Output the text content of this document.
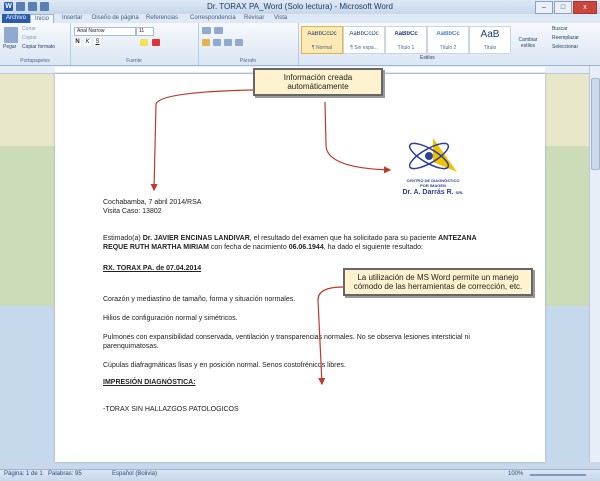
W	Dr. TORAX PA_Word (Solo lectura) - Microsoft Word	–	□	x
Archivo	Inicio	Insertar Diseño de página Referencias Correspondencia Revisar Vista
Pegar
Cortar
Copiar
Copiar formato
Portapapeles
Arial Narrow	11
N K S
Fuente	Párrafo
AaBbCcDc
¶ Normal
AaBbCcDc
¶ Sin espa...
AaBbCc
Título 1
AaBbCc
Título 2
AaB
Título
Cambiar estilos
Estilos
Buscar
Reemplazar
Seleccionar
CENTRO DE DIAGNÓSTICO
POR IMAGEN
Dr. A. Darrás R. SRL

Cochabamba, 7 abril 2014/RSA

Visita Caso: 13802

Estimado(a) Dr. JAVIER ENCINAS LANDIVAR, el resultado del examen que ha solicitado para su paciente ANTEZANA REQUE RUTH MARTHA MIRIAM con fecha de nacimiento 06.06.1944, ha dado el siguiente resultado:

RX. TORAX PA. de 07.04.2014

Corazón y mediastino de tamaño, forma y situación normales.

Hilios de configuración normal y simétricos.

Pulmones con expansibilidad conservada, ventilación y transparencias normales. No se observa lesiones intersticial ni parenquimatosas.

Cúpulas diafragmáticas lisas y en posición normal. Senos costofrénicos libres.

IMPRESIÓN DIAGNÓSTICA:

-TORAX SIN HALLAZGOS PATOLOGICOS

Información creada automáticamente
La utilización de MS Word permite un manejo cómodo de las herramientas de corrección, etc.
Página: 1 de 1 Palabras: 95	Español (Bolivia)	100%
